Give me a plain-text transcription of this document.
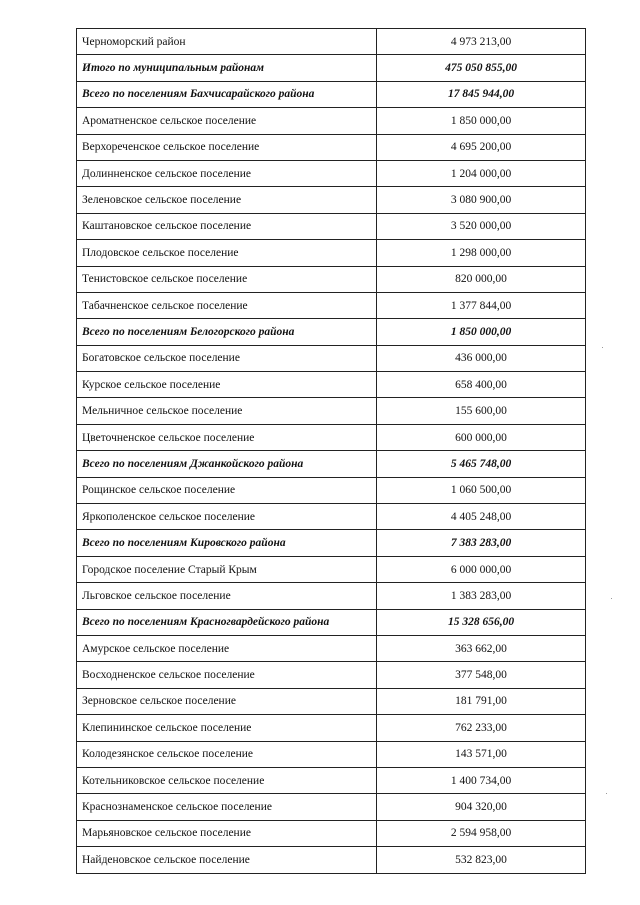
Черноморский район	4 973 213,00
Итого по муниципальным районам	475 050 855,00
Всего по поселениям Бахчисарайского района	17 845 944,00
Ароматненское сельское поселение	1 850 000,00
Верхореченское сельское поселение	4 695 200,00
Долинненское сельское поселение	1 204 000,00
Зеленовское сельское поселение	3 080 900,00
Каштановское сельское поселение	3 520 000,00
Плодовское сельское поселение	1 298 000,00
Тенистовское сельское поселение	820 000,00
Табачненское сельское поселение	1 377 844,00
Всего по поселениям Белогорского района	1 850 000,00
Богатовское сельское поселение	436 000,00
Курское сельское поселение	658 400,00
Мельничное сельское поселение	155 600,00
Цветочненское сельское поселение	600 000,00
Всего по поселениям Джанкойского района	5 465 748,00
Рощинское сельское поселение	1 060 500,00
Яркополенское сельское поселение	4 405 248,00
Всего по поселениям Кировского района	7 383 283,00
Городское поселение Старый Крым	6 000 000,00
Льговское сельское поселение	1 383 283,00
Всего по поселениям Красногвардейского района	15 328 656,00
Амурское сельское поселение	363 662,00
Восходненское сельское поселение	377 548,00
Зерновское сельское поселение	181 791,00
Клепининское сельское поселение	762 233,00
Колодезянское сельское поселение	143 571,00
Котельниковское сельское поселение	1 400 734,00
Краснознаменское сельское поселение	904 320,00
Марьяновское сельское поселение	2 594 958,00
Найденовское сельское поселение	532 823,00
